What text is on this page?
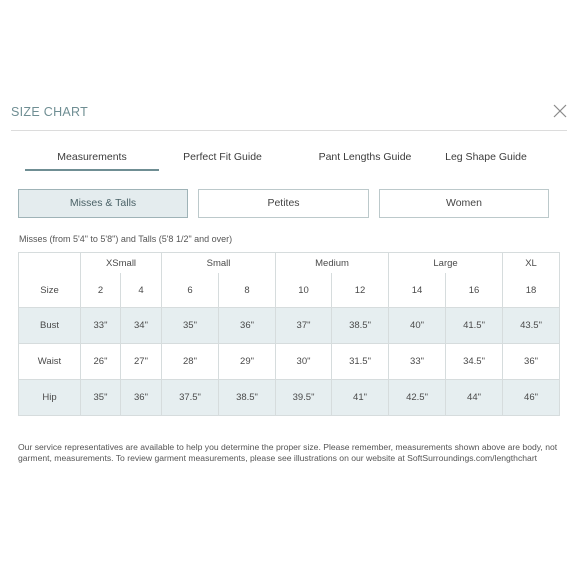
SIZE CHART
Measurements	Perfect Fit Guide	Pant Lengths Guide	Leg Shape Guide
Misses & Talls	Petites	Women
Misses (from 5'4" to 5'8") and Talls (5'8 1/2" and over)
	XSmall		Small		Medium		Large		XL
Size	2	4	6	8	10	12	14	16	18
Bust	33"	34"	35"	36"	37"	38.5"	40"	41.5"	43.5"
Waist	26"	27"	28"	29"	30"	31.5"	33"	34.5"	36"
Hip	35"	36"	37.5"	38.5"	39.5"	41"	42.5"	44"	46"
Our service representatives are available to help you determine the proper size. Please remember, measurements shown above are body, not garment, measurements. To review garment measurements, please see illustrations on our website at SoftSurroundings.com/lengthchart
